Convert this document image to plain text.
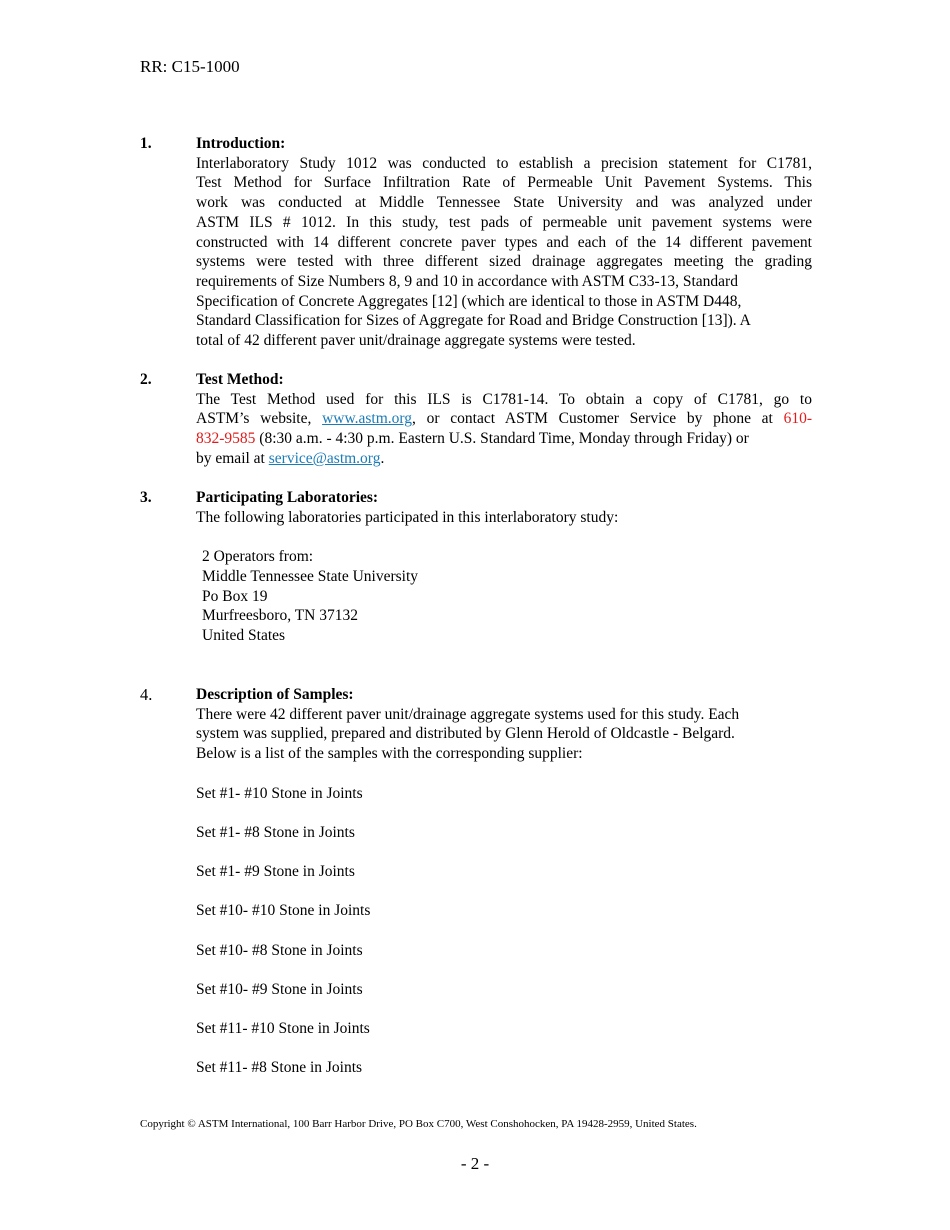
RR: C15-1000
1.	Introduction:
Interlaboratory Study 1012 was conducted to establish a precision statement for C1781,
Test Method for Surface Infiltration Rate of Permeable Unit Pavement Systems. This
work was conducted at Middle Tennessee State University and was analyzed under
ASTM ILS # 1012. In this study, test pads of permeable unit pavement systems were
constructed with 14 different concrete paver types and each of the 14 different pavement
systems were tested with three different sized drainage aggregates meeting the grading
requirements of Size Numbers 8, 9 and 10 in accordance with ASTM C33-13, Standard
Specification of Concrete Aggregates [12] (which are identical to those in ASTM D448,
Standard Classification for Sizes of Aggregate for Road and Bridge Construction [13]). A
total of 42 different paver unit/drainage aggregate systems were tested.
2.	Test Method:
The Test Method used for this ILS is C1781-14. To obtain a copy of C1781, go to
ASTM’s website, www.astm.org, or contact ASTM Customer Service by phone at 610-
832-9585 (8:30 a.m. - 4:30 p.m. Eastern U.S. Standard Time, Monday through Friday) or
by email at service@astm.org.
3.	Participating Laboratories:
The following laboratories participated in this interlaboratory study:
2 Operators from:
Middle Tennessee State University
Po Box 19
Murfreesboro, TN 37132
United States
4.	Description of Samples:
There were 42 different paver unit/drainage aggregate systems used for this study. Each
system was supplied, prepared and distributed by Glenn Herold of Oldcastle - Belgard.
Below is a list of the samples with the corresponding supplier:
Set #1- #10 Stone in Joints
Set #1- #8 Stone in Joints
Set #1- #9 Stone in Joints
Set #10- #10 Stone in Joints
Set #10- #8 Stone in Joints
Set #10- #9 Stone in Joints
Set #11- #10 Stone in Joints
Set #11- #8 Stone in Joints
Copyright © ASTM International, 100 Barr Harbor Drive, PO Box C700, West Conshohocken, PA 19428-2959, United States.
- 2 -
